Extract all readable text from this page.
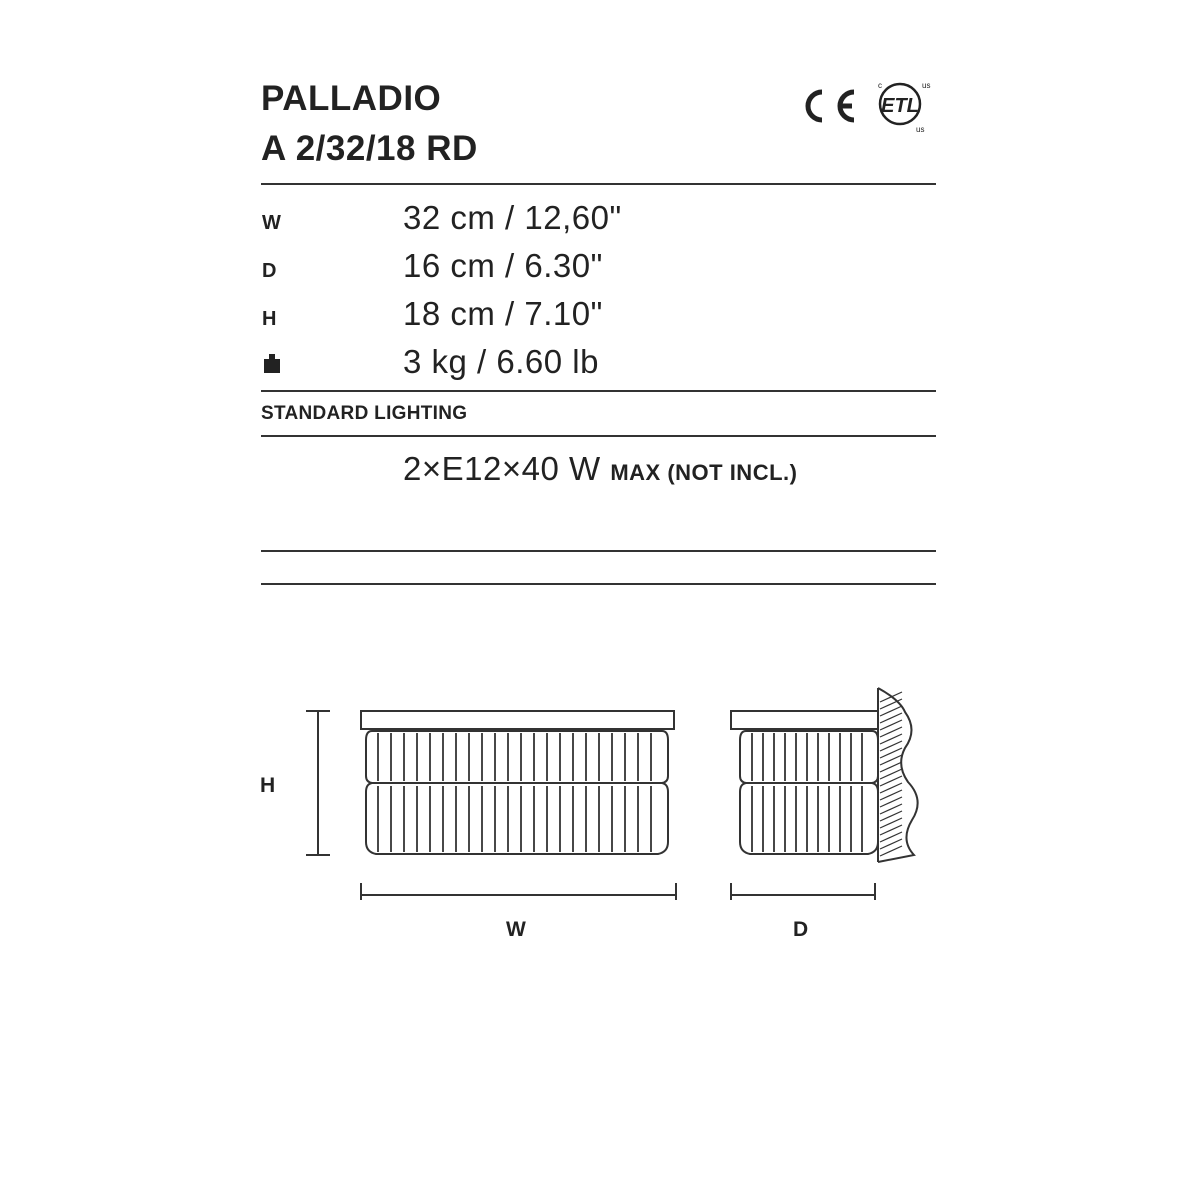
PALLADIO
A 2/32/18 RD
ETL
c	us
us
W	32 cm / 12,60"
D	16 cm / 6.30"
H	18 cm / 7.10"
3 kg / 6.60 lb
STANDARD LIGHTING
2×E12×40 W MAX (NOT INCL.)
H
W	D
